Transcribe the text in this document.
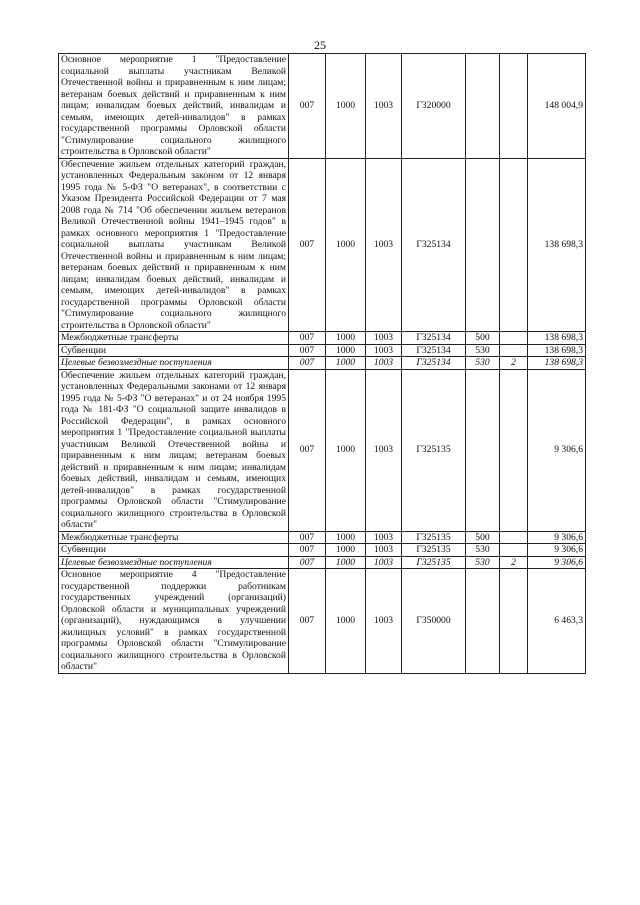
25
Основное мероприятие 1 "Предоставление социальной выплаты участникам Великой Отечественной войны и приравненным к ним лицам; ветеранам боевых действий и приравненным к ним лицам; инвалидам боевых действий, инвалидам и семьям, имеющих детей-инвалидов" в рамках государственной программы Орловской области "Стимулирование социального жилищного строительства в Орловской области"	007	1000	1003	Г320000			148 004,9
Обеспечение жильем отдельных категорий граждан, установленных Федеральным законом от 12 января 1995 года № 5-ФЗ "О ветеранах", в соответствии с Указом Президента Российской Федерации от 7 мая 2008 года № 714 "Об обеспечении жильем ветеранов Великой Отечественной войны 1941–1945 годов" в рамках основного мероприятия 1 "Предоставление социальной выплаты участникам Великой Отечественной войны и приравненным к ним лицам; ветеранам боевых действий и приравненным к ним лицам; инвалидам боевых действий, инвалидам и семьям, имеющих детей-инвалидов" в рамках государственной программы Орловской области "Стимулирование социального жилищного строительства в Орловской области"	007	1000	1003	Г325134			138 698,3
Межбюджетные трансферты	007	1000	1003	Г325134	500		138 698,3
Субвенции	007	1000	1003	Г325134	530		138 698,3
Целевые безвозмездные поступления	007	1000	1003	Г325134	530	2	138 698,3
Обеспечение жильем отдельных категорий граждан, установленных Федеральными законами от 12 января 1995 года № 5-ФЗ "О ветеранах" и от 24 ноября 1995 года № 181-ФЗ "О социальной защите инвалидов в Российской Федерации", в рамках основного мероприятия 1 "Предоставление социальной выплаты участникам Великой Отечественной войны и приравненным к ним лицам; ветеранам боевых действий и приравненным к ним лицам; инвалидам боевых действий, инвалидам и семьям, имеющих детей-инвалидов" в рамках государственной программы Орловской области "Стимулирование социального жилищного строительства в Орловской области"	007	1000	1003	Г325135			9 306,6
Межбюджетные трансферты	007	1000	1003	Г325135	500		9 306,6
Субвенции	007	1000	1003	Г325135	530		9 306,6
Целевые безвозмездные поступления	007	1000	1003	Г325135	530	2	9 306,6
Основное мероприятие 4 "Предоставление государственной поддержки работникам государственных учреждений (организаций) Орловской области и муниципальных учреждений (организаций), нуждающимся в улучшении жилищных условий" в рамках государственной программы Орловской области "Стимулирование социального жилищного строительства в Орловской области"	007	1000	1003	Г350000			6 463,3
